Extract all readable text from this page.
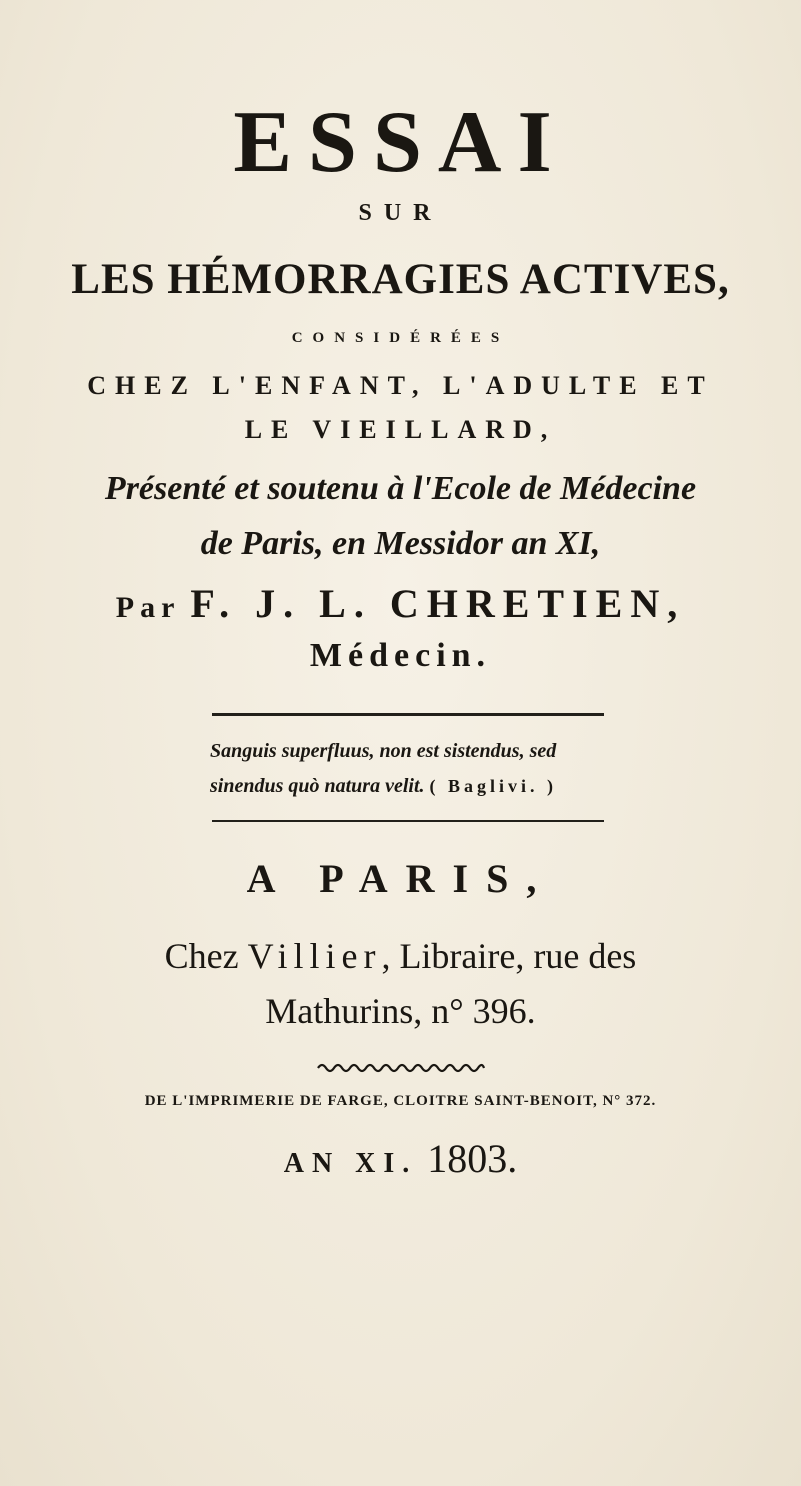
ESSAI
SUR
LES HÉMORRAGIES ACTIVES,
CONSIDÉRÉES
CHEZ L'ENFANT, L'ADULTE ET
LE VIEILLARD,
Présenté et soutenu à l'Ecole de Médecine
de Paris, en Messidor an XI,
Par F. J. L. CHRETIEN,
Médecin.
Sanguis superfluus, non est sistendus, sed
sinendus quò natura velit. ( Baglivi. )
A PARIS,
Chez Villier, Libraire, rue des
Mathurins, n° 396.
DE L'IMPRIMERIE DE FARGE, CLOITRE SAINT-BENOIT, N° 372.
AN XI. 1803.
